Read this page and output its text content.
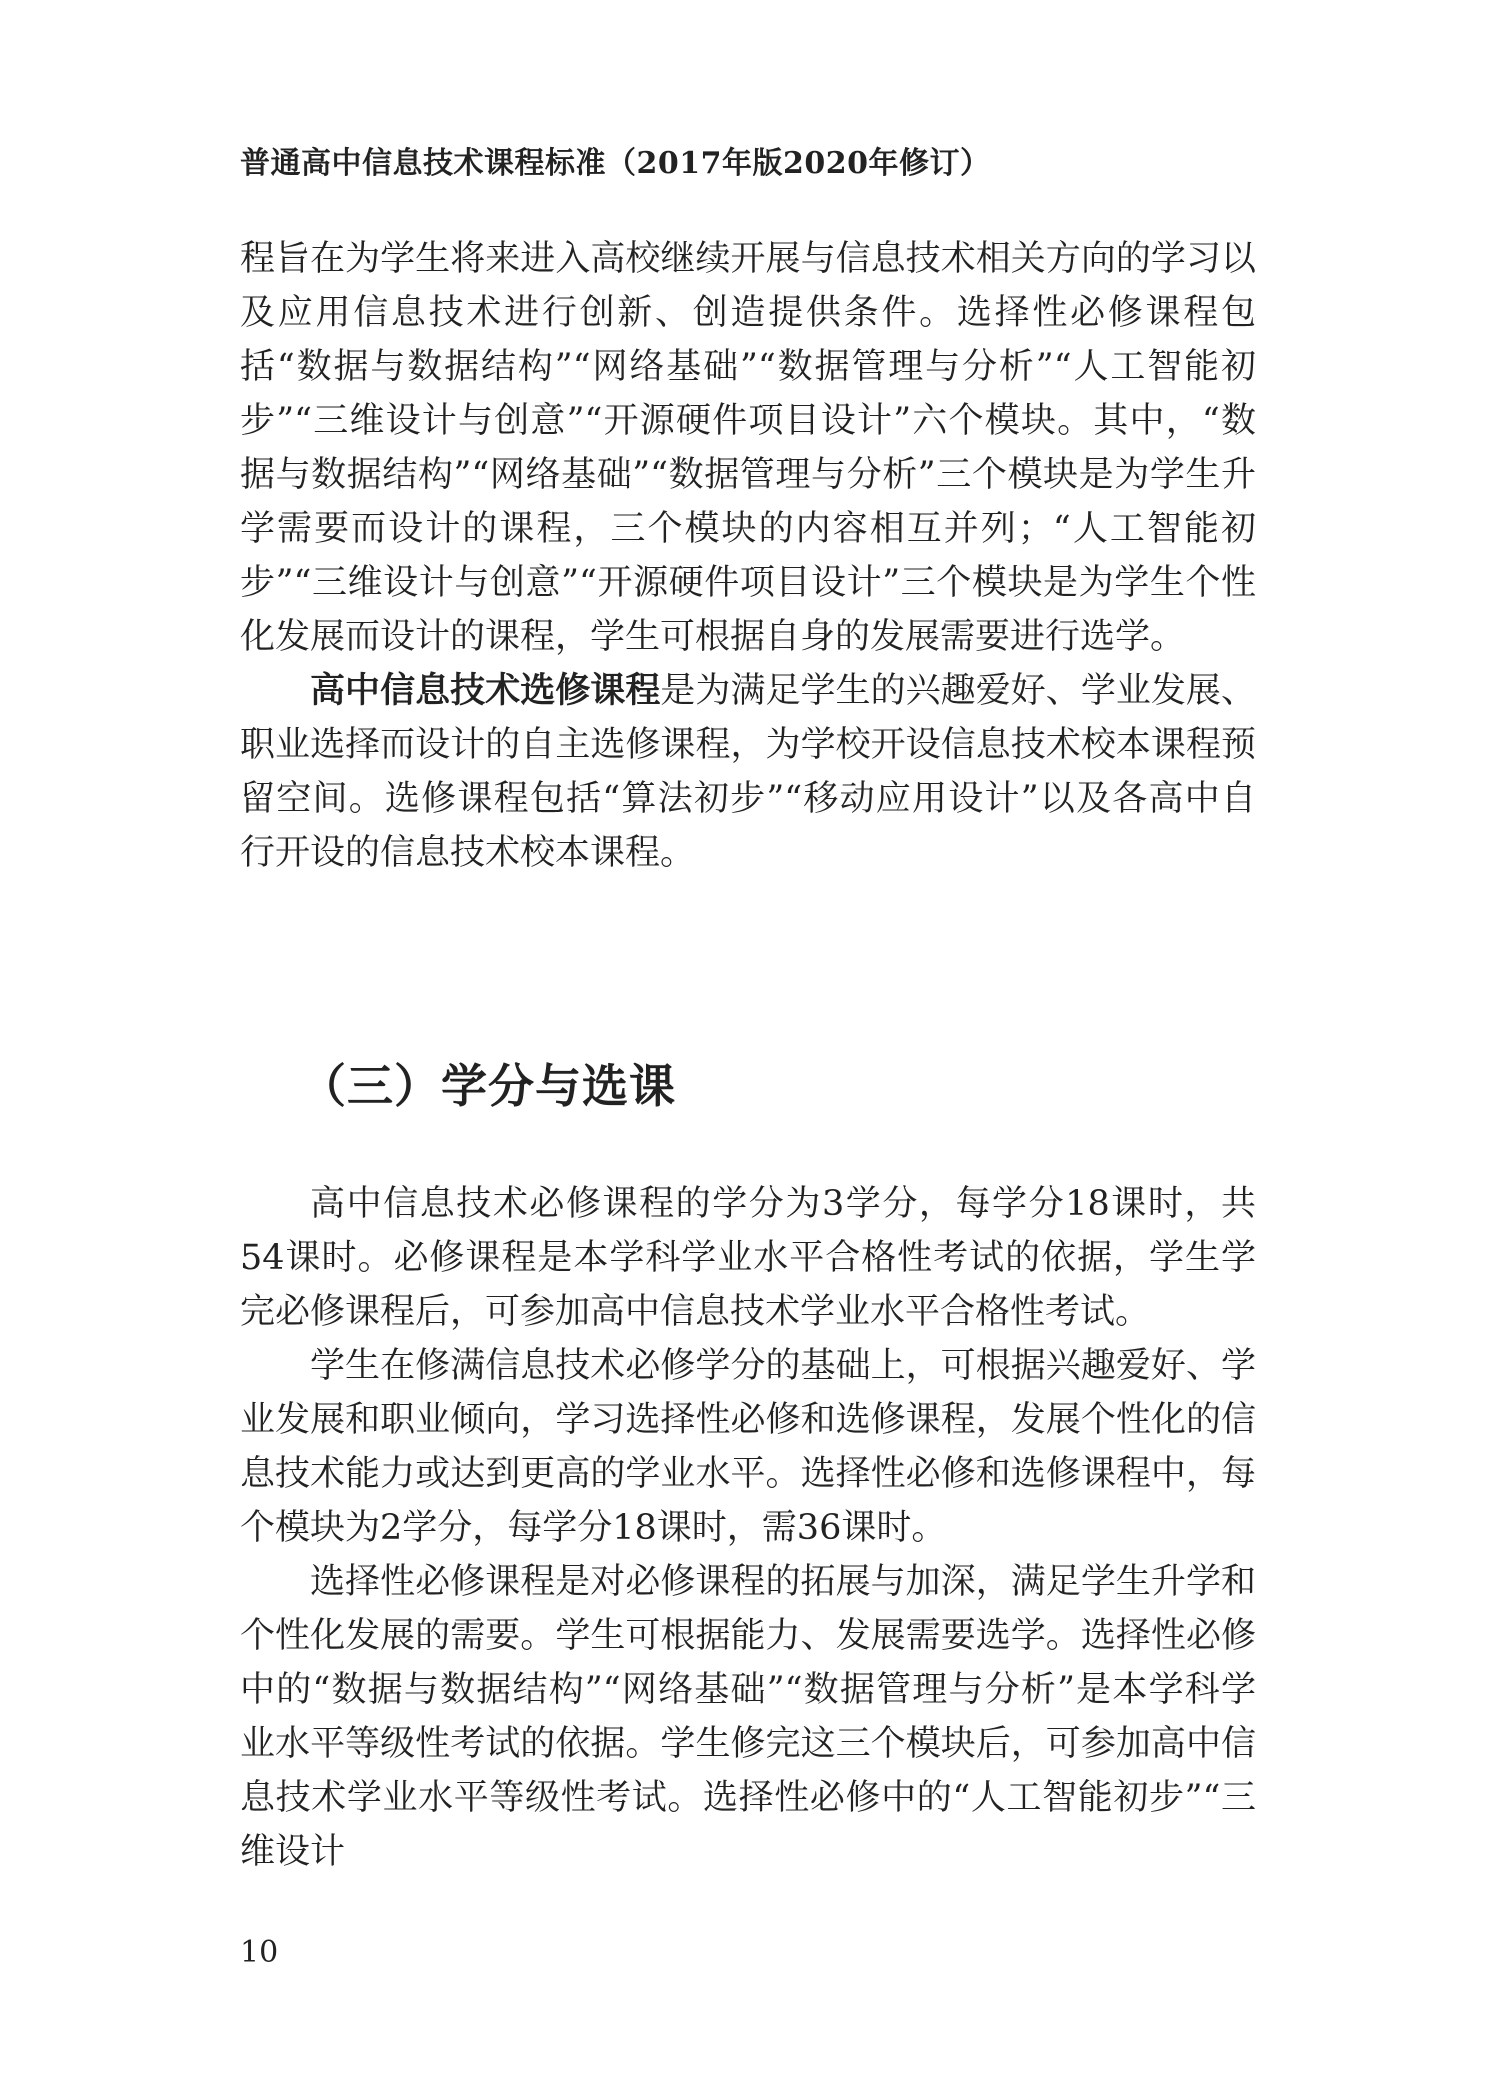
普通高中信息技术课程标准（2017年版2020年修订）

程旨在为学生将来进入高校继续开展与信息技术相关方向的学习以及应用信息技术进行创新、创造提供条件。选择性必修课程包括“数据与数据结构”“网络基础”“数据管理与分析”“人工智能初步”“三维设计与创意”“开源硬件项目设计”六个模块。其中，“数据与数据结构”“网络基础”“数据管理与分析”三个模块是为学生升学需要而设计的课程，三个模块的内容相互并列；“人工智能初步”“三维设计与创意”“开源硬件项目设计”三个模块是为学生个性化发展而设计的课程，学生可根据自身的发展需要进行选学。

高中信息技术选修课程是为满足学生的兴趣爱好、学业发展、职业选择而设计的自主选修课程，为学校开设信息技术校本课程预留空间。选修课程包括“算法初步”“移动应用设计”以及各高中自行开设的信息技术校本课程。

（三）学分与选课

高中信息技术必修课程的学分为3学分，每学分18课时，共54课时。必修课程是本学科学业水平合格性考试的依据，学生学完必修课程后，可参加高中信息技术学业水平合格性考试。

学生在修满信息技术必修学分的基础上，可根据兴趣爱好、学业发展和职业倾向，学习选择性必修和选修课程，发展个性化的信息技术能力或达到更高的学业水平。选择性必修和选修课程中，每个模块为2学分，每学分18课时，需36课时。

选择性必修课程是对必修课程的拓展与加深，满足学生升学和个性化发展的需要。学生可根据能力、发展需要选学。选择性必修中的“数据与数据结构”“网络基础”“数据管理与分析”是本学科学业水平等级性考试的依据。学生修完这三个模块后，可参加高中信息技术学业水平等级性考试。选择性必修中的“人工智能初步”“三维设计

10
